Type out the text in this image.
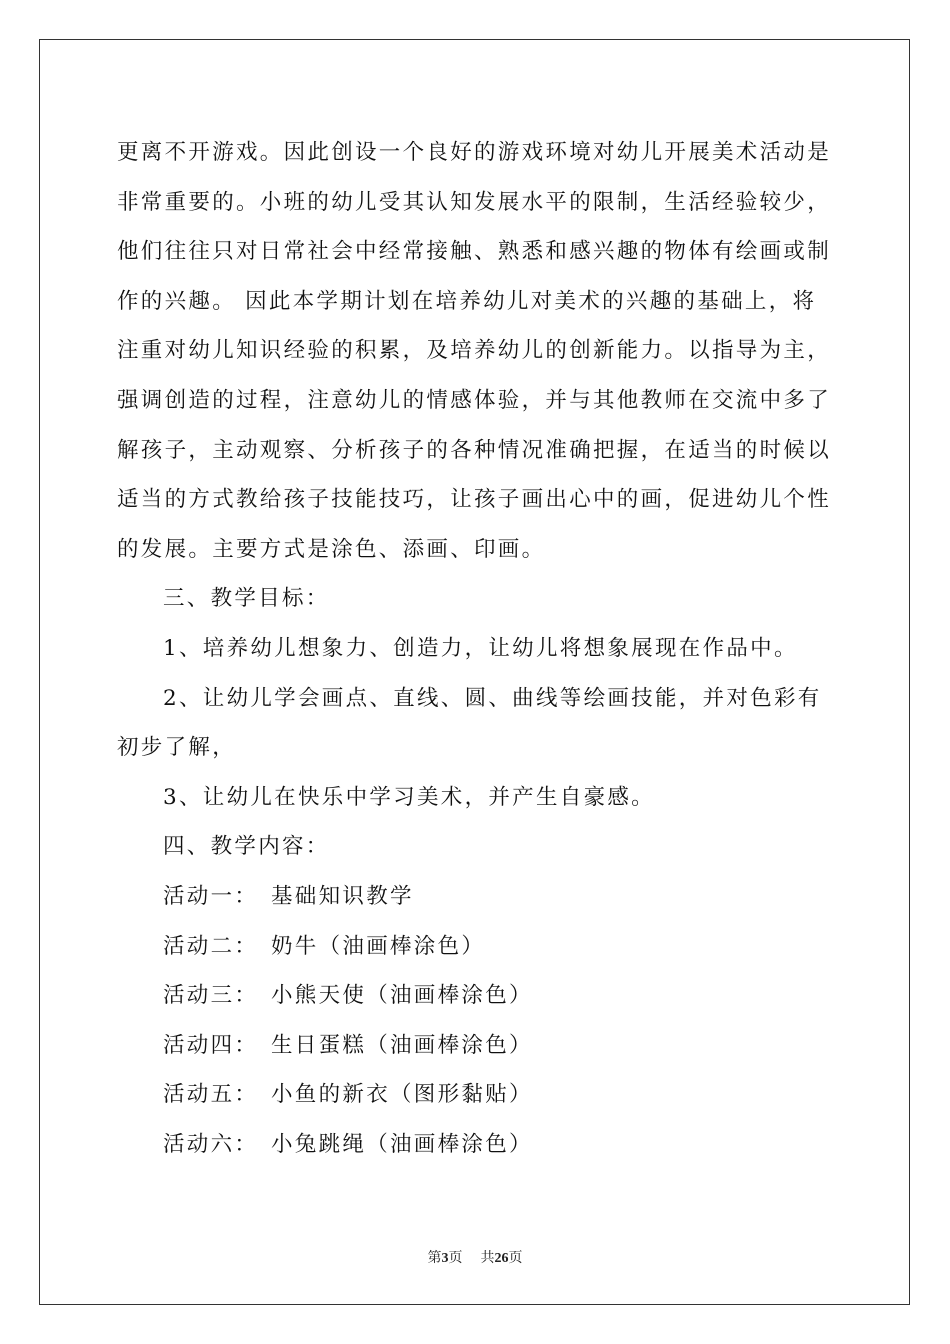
更离不开游戏。因此创设一个良好的游戏环境对幼儿开展美术活动是
非常重要的。小班的幼儿受其认知发展水平的限制，生活经验较少，
他们往往只对日常社会中经常接触、熟悉和感兴趣的物体有绘画或制
作的兴趣。 因此本学期计划在培养幼儿对美术的兴趣的基础上，将
注重对幼儿知识经验的积累，及培养幼儿的创新能力。以指导为主，
强调创造的过程，注意幼儿的情感体验，并与其他教师在交流中多了
解孩子，主动观察、分析孩子的各种情况准确把握，在适当的时候以
适当的方式教给孩子技能技巧，让孩子画出心中的画，促进幼儿个性
的发展。主要方式是涂色、添画、印画。
三、教学目标：
1、培养幼儿想象力、创造力，让幼儿将想象展现在作品中。
2、让幼儿学会画点、直线、圆、曲线等绘画技能，并对色彩有
初步了解，
3、让幼儿在快乐中学习美术，并产生自豪感。
四、教学内容：
活动一： 基础知识教学
活动二： 奶牛（油画棒涂色）
活动三： 小熊天使（油画棒涂色）
活动四： 生日蛋糕（油画棒涂色）
活动五： 小鱼的新衣（图形黏贴）
活动六： 小兔跳绳（油画棒涂色）
第3页 共26页
